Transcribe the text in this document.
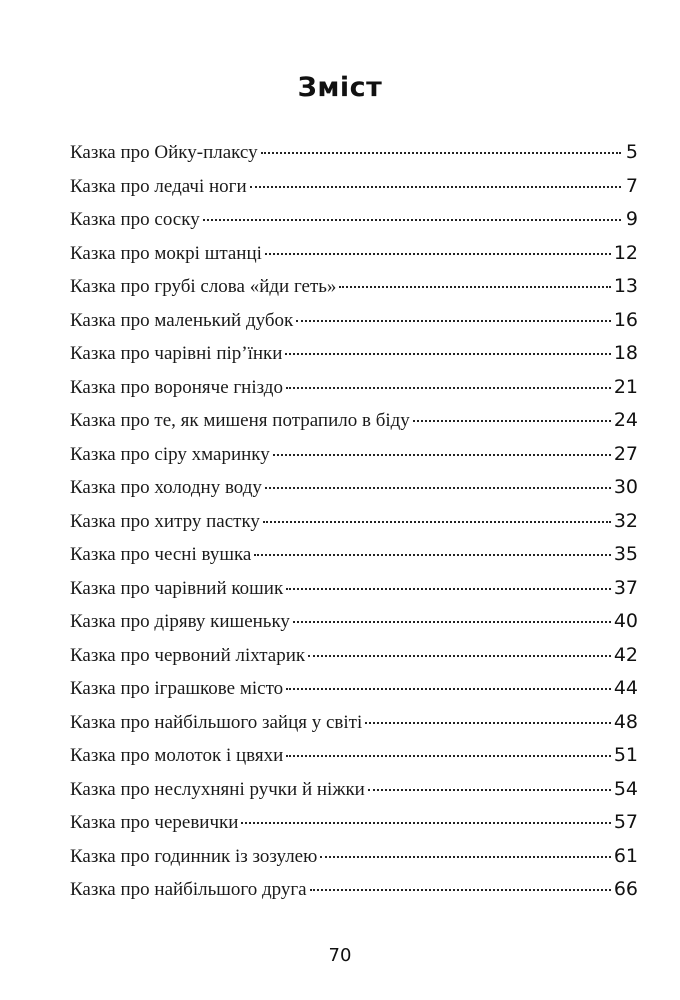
Зміст
Казка про Ойку-плаксу	5
Казка про ледачі ноги	7
Казка про соску	9
Казка про мокрі штанці	12
Казка про грубі слова «йди геть»	13
Казка про маленький дубок	16
Казка про чарівні пір’їнки	18
Казка про вороняче гніздо	21
Казка про те, як мишеня потрапило в біду	24
Казка про сіру хмаринку	27
Казка про холодну воду	30
Казка про хитру пастку	32
Казка про чесні вушка	35
Казка про чарівний кошик	37
Казка про діряву кишеньку	40
Казка про червоний ліхтарик	42
Казка про іграшкове місто	44
Казка про найбільшого зайця у світі	48
Казка про молоток і цвяхи	51
Казка про неслухняні ручки й ніжки	54
Казка про черевички	57
Казка про годинник із зозулею	61
Казка про найбільшого друга	66
70
